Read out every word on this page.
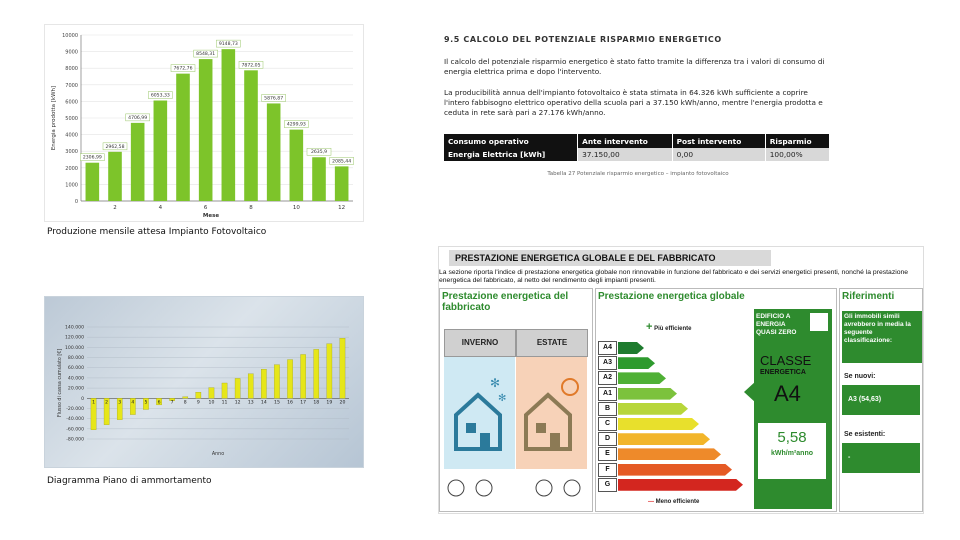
0
1000
2000
3000
4000
5000
6000
7000
8000
9000
10000
2306,99
2962,58
4706,99
6053,33
7672,76
8548,31
9148,73
7872,05
5876,87
4299,93
2635,9
2085,44
2	4	6	8	10	12
Mese
Energia prodotta [kWh]
Produzione mensile attesa Impianto Fotovoltaico
-80.000
-60.000
-40.000
-20.000
0
20.000
40.000
60.000
80.000
100.000
120.000
140.000
1 2 3 4 5 6 7 8 9 10 11 12 13 14 15 16 17 18 19 20
Anno
Flusso di cassa cumulato [€]
Diagramma Piano di ammortamento
9.5 CALCOLO DEL POTENZIALE RISPARMIO ENERGETICO

Il calcolo del potenziale risparmio energetico è stato fatto tramite la differenza tra i valori di consumo di energia elettrica prima e dopo l'intervento.

La producibilità annua dell'impianto fotovoltaico è stata stimata in 64.326 kWh sufficiente a coprire l'intero fabbisogno elettrico operativo della scuola pari a 37.150 kWh/anno, mentre l'energia prodotta e ceduta in rete sarà pari a 27.176 kWh/anno.

Consumo operativo	Ante intervento	Post intervento	Risparmio
Energia Elettrica [kWh]	37.150,00	0,00	100,00%
Tabella 27 Potenziale risparmio energetico – impianto fotovoltaico
PRESTAZIONE ENERGETICA GLOBALE E DEL FABBRICATO
La sezione riporta l'indice di prestazione energetica globale non rinnovabile in funzione del fabbricato e dei servizi energetici presenti, nonché la prestazione energetica del fabbricato, al netto del rendimento degli impianti presenti.
Prestazione energetica del fabbricato
INVERNO	ESTATE
✻
✻
Prestazione energetica globale
+ Più efficiente
A4
A3
A2
A1
B
C
D
E
F
G
— Meno efficiente
EDIFICIO A ENERGIA QUASI ZERO
CLASSE
ENERGETICA
A4
5,58
kWh/m²anno
Riferimenti
Gli immobili simili avrebbero in media la seguente classificazione:
Se nuovi:
A3 (54,63)
Se esistenti:
-
